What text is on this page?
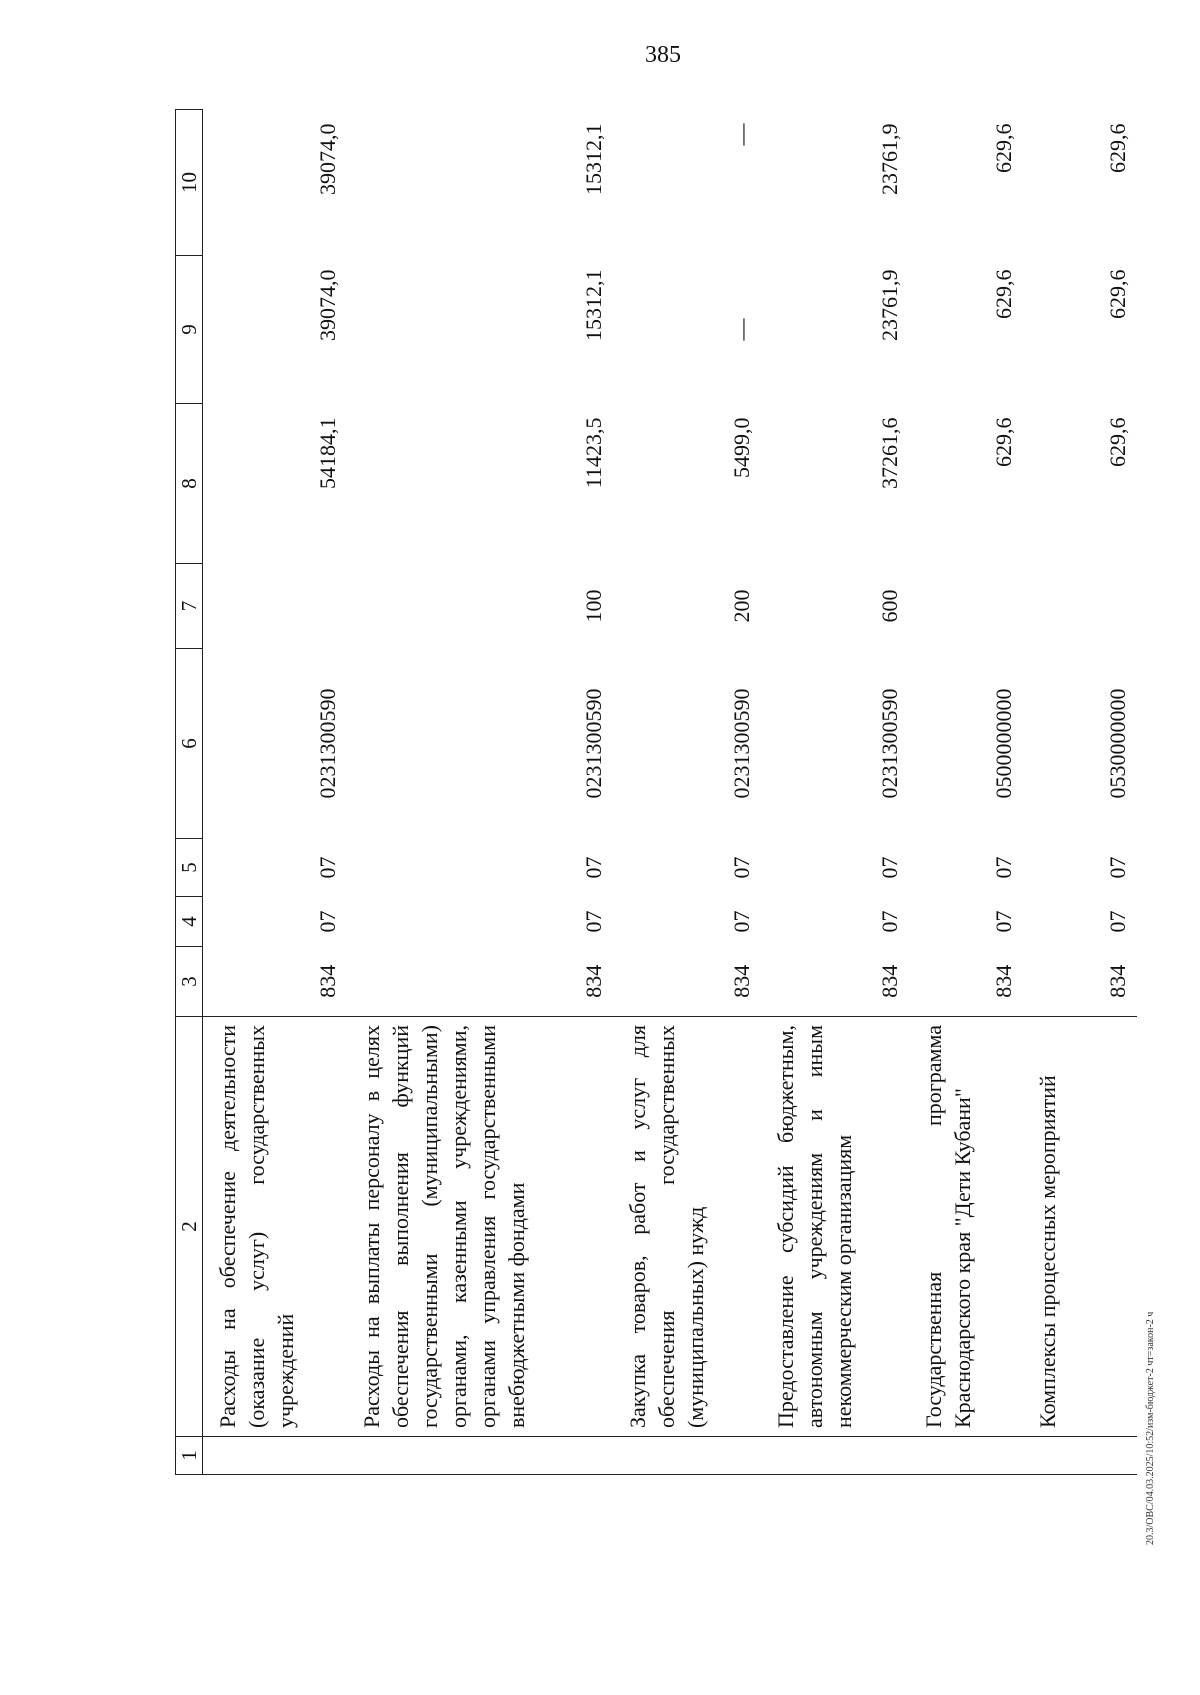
385
20.3/ОВС/04.03.2025/10:52/изм-бюджет-2 чт=закон-2 ч
1	2	3	4	5	6	7	8	9	10
	Расходы на обеспечение деятельности (оказание услуг) государственных учреждений	834	07	07	0231300590		54184,1	39074,0	39074,0
	Расходы на выплаты персоналу в целях обеспечения выполнения функций государственными (муниципальными) органами, казенными учреждениями, органами управления государственными внебюджетными фондами	834	07	07	0231300590	100	11423,5	15312,1	15312,1
	Закупка товаров, работ и услуг для обеспечения государственных (муниципальных) нужд	834	07	07	0231300590	200	5499,0	—	—
	Предоставление субсидий бюджетным, автономным учреждениям и иным некоммерческим организациям	834	07	07	0231300590	600	37261,6	23761,9	23761,9
	Государственная программа Краснодарского края "Дети Кубани"	834	07	07	0500000000		629,6	629,6	629,6
	Комплексы процессных мероприятий	834	07	07	0530000000		629,6	629,6	629,6
